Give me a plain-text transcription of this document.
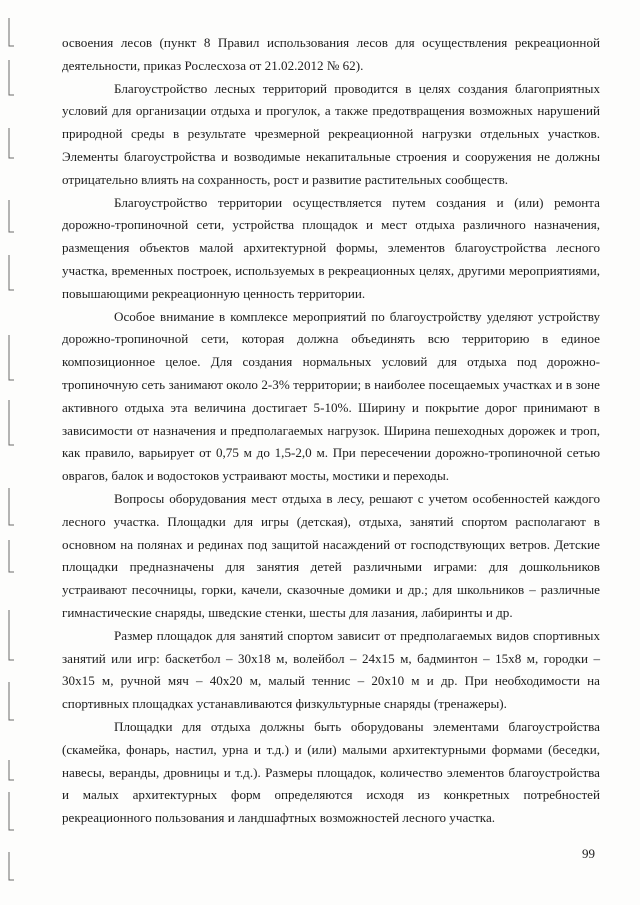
освоения лесов (пункт 8 Правил использования лесов для осуществления рекреационной деятельности, приказ Рослесхоза от 21.02.2012 № 62).

Благоустройство лесных территорий проводится в целях создания благоприятных условий для организации отдыха и прогулок, а также предотвращения возможных нарушений природной среды в результате чрезмерной рекреационной нагрузки отдельных участков. Элементы благоустройства и возводимые некапитальные строения и сооружения не должны отрицательно влиять на сохранность, рост и развитие растительных сообществ.

Благоустройство территории осуществляется путем создания и (или) ремонта дорожно-тропиночной сети, устройства площадок и мест отдыха различного назначения, размещения объектов малой архитектурной формы, элементов благоустройства лесного участка, временных построек, используемых в рекреационных целях, другими мероприятиями, повышающими рекреационную ценность территории.

Особое внимание в комплексе мероприятий по благоустройству уделяют устройству дорожно-тропиночной сети, которая должна объединять всю территорию в единое композиционное целое. Для создания нормальных условий для отдыха под дорожно-тропиночную сеть занимают около 2-3% территории; в наиболее посещаемых участках и в зоне активного отдыха эта величина достигает 5-10%. Ширину и покрытие дорог принимают в зависимости от назначения и предполагаемых нагрузок. Ширина пешеходных дорожек и троп, как правило, варьирует от 0,75 м до 1,5-2,0 м. При пересечении дорожно-тропиночной сетью оврагов, балок и водостоков устраивают мосты, мостики и переходы.

Вопросы оборудования мест отдыха в лесу, решают с учетом особенностей каждого лесного участка. Площадки для игры (детская), отдыха, занятий спортом располагают в основном на полянах и рединах под защитой насаждений от господствующих ветров. Детские площадки предназначены для занятия детей различными играми: для дошкольников устраивают песочницы, горки, качели, сказочные домики и др.; для школьников – различные гимнастические снаряды, шведские стенки, шесты для лазания, лабиринты и др.

Размер площадок для занятий спортом зависит от предполагаемых видов спортивных занятий или игр: баскетбол – 30х18 м, волейбол – 24х15 м, бадминтон – 15х8 м, городки – 30х15 м, ручной мяч – 40х20 м, малый теннис – 20х10 м и др. При необходимости на спортивных площадках устанавливаются физкультурные снаряды (тренажеры).

Площадки для отдыха должны быть оборудованы элементами благоустройства (скамейка, фонарь, настил, урна и т.д.) и (или) малыми архитектурными формами (беседки, навесы, веранды, дровницы и т.д.). Размеры площадок, количество элементов благоустройства и малых архитектурных форм определяются исходя из конкретных потребностей рекреационного пользования и ландшафтных возможностей лесного участка.

99
